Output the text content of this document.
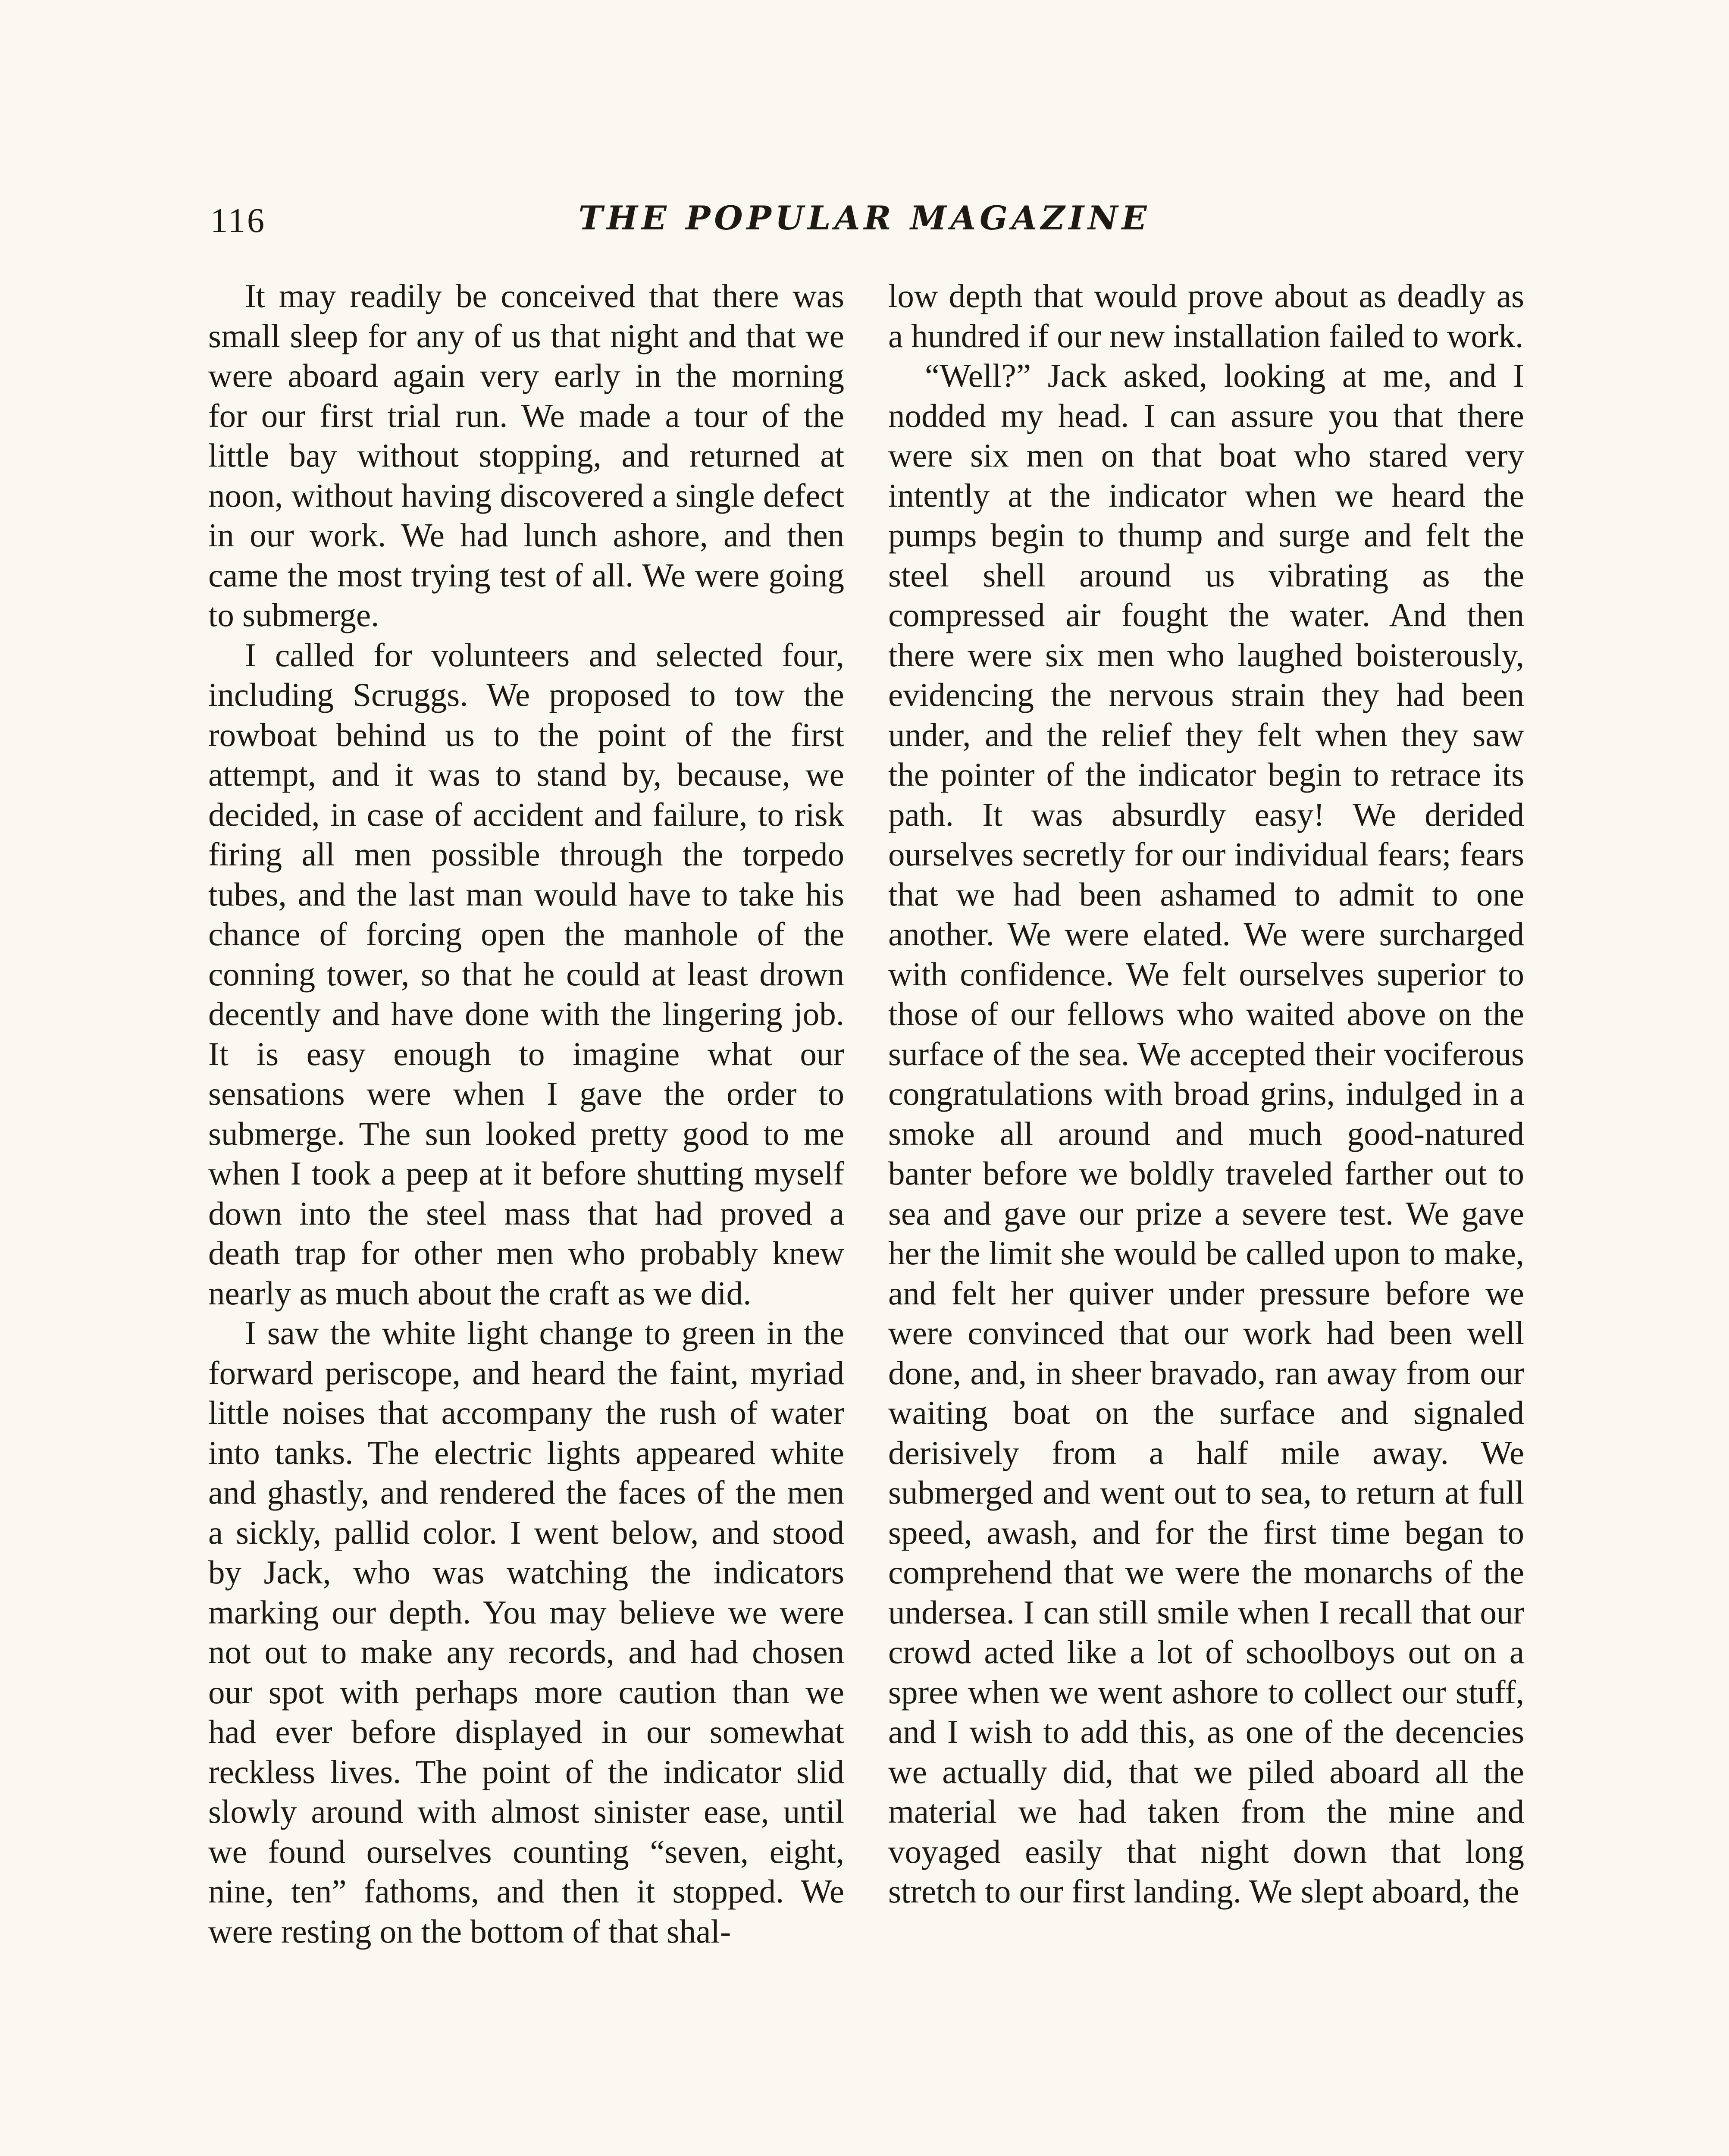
116	THE POPULAR MAGAZINE

It may readily be conceived that there was small sleep for any of us that night and that we were aboard again very early in the morning for our first trial run. We made a tour of the little bay without stopping, and returned at noon, without having discovered a single defect in our work. We had lunch ashore, and then came the most trying test of all. We were going to submerge.

I called for volunteers and selected four, including Scruggs. We proposed to tow the rowboat behind us to the point of the first attempt, and it was to stand by, because, we decided, in case of accident and failure, to risk firing all men possible through the torpedo tubes, and the last man would have to take his chance of forcing open the manhole of the conning tower, so that he could at least drown decently and have done with the lingering job. It is easy enough to imagine what our sensations were when I gave the order to submerge. The sun looked pretty good to me when I took a peep at it before shutting myself down into the steel mass that had proved a death trap for other men who probably knew nearly as much about the craft as we did.

I saw the white light change to green in the forward periscope, and heard the faint, myriad little noises that accompany the rush of water into tanks. The electric lights appeared white and ghastly, and rendered the faces of the men a sickly, pallid color. I went below, and stood by Jack, who was watching the indicators marking our depth. You may believe we were not out to make any records, and had chosen our spot with perhaps more caution than we had ever before displayed in our somewhat reckless lives. The point of the indicator slid slowly around with almost sinister ease, until we found ourselves counting “seven, eight, nine, ten” fathoms, and then it stopped. We were resting on the bottom of that shal-

low depth that would prove about as deadly as a hundred if our new installation failed to work.

“Well?” Jack asked, looking at me, and I nodded my head. I can assure you that there were six men on that boat who stared very intently at the indicator when we heard the pumps begin to thump and surge and felt the steel shell around us vibrating as the compressed air fought the water. And then there were six men who laughed boisterously, evidencing the nervous strain they had been under, and the relief they felt when they saw the pointer of the indicator begin to retrace its path. It was absurdly easy! We derided ourselves secretly for our individual fears; fears that we had been ashamed to admit to one another. We were elated. We were surcharged with confidence. We felt ourselves superior to those of our fellows who waited above on the surface of the sea. We accepted their vociferous congratulations with broad grins, indulged in a smoke all around and much good-natured banter before we boldly traveled farther out to sea and gave our prize a severe test. We gave her the limit she would be called upon to make, and felt her quiver under pressure before we were convinced that our work had been well done, and, in sheer bravado, ran away from our waiting boat on the surface and signaled derisively from a half mile away. We submerged and went out to sea, to return at full speed, awash, and for the first time began to comprehend that we were the monarchs of the undersea. I can still smile when I recall that our crowd acted like a lot of schoolboys out on a spree when we went ashore to collect our stuff, and I wish to add this, as one of the decencies we actually did, that we piled aboard all the material we had taken from the mine and voyaged easily that night down that long stretch to our first landing. We slept aboard, the
